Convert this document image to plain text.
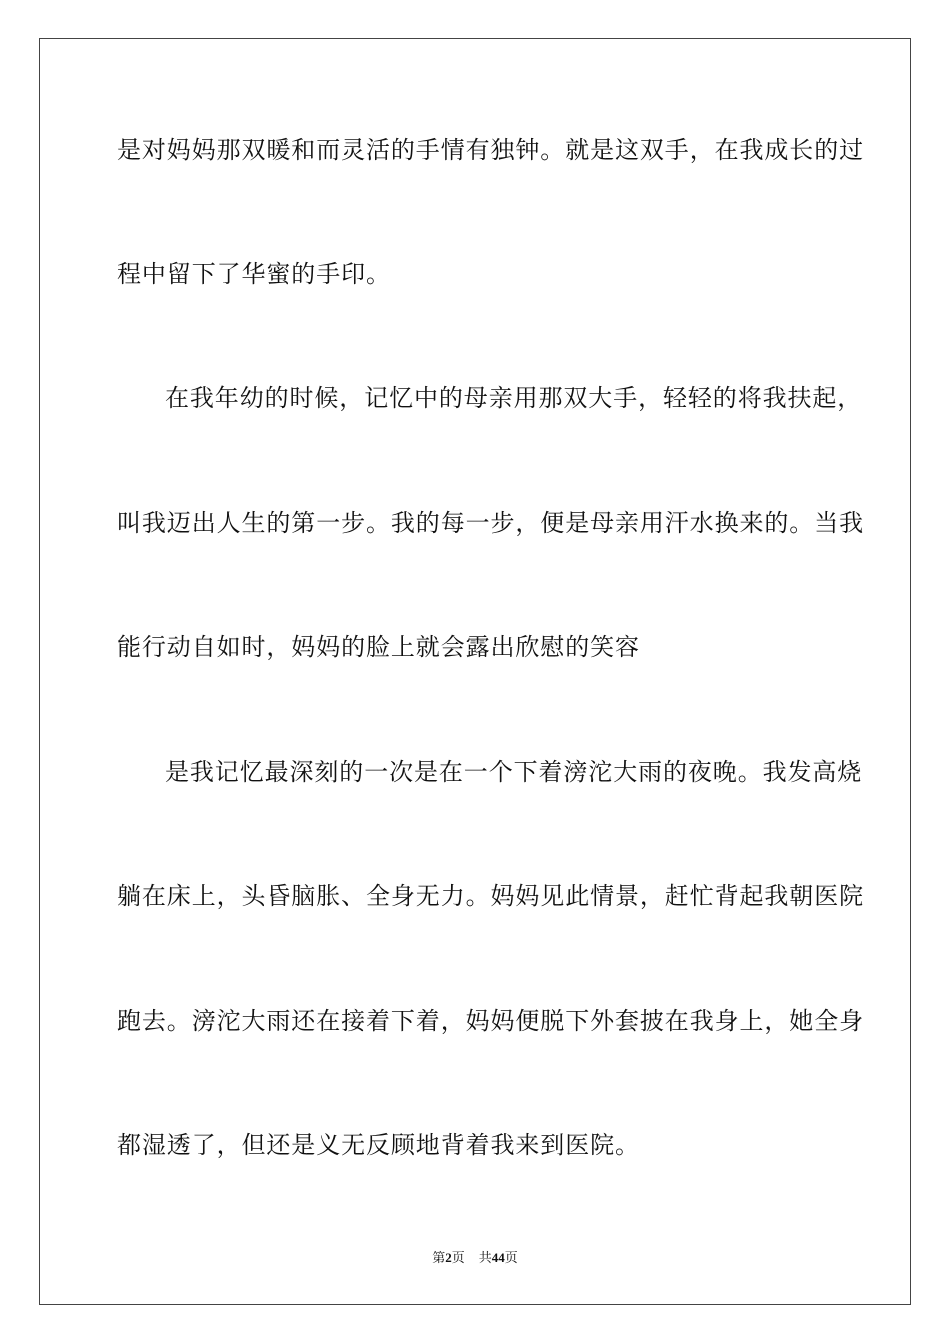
是对妈妈那双暖和而灵活的手情有独钟。就是这双手，在我成长的过
程中留下了华蜜的手印。
在我年幼的时候，记忆中的母亲用那双大手，轻轻的将我扶起，
叫我迈出人生的第一步。我的每一步，便是母亲用汗水换来的。当我
能行动自如时，妈妈的脸上就会露出欣慰的笑容
是我记忆最深刻的一次是在一个下着滂沱大雨的夜晚。我发高烧
躺在床上，头昏脑胀、全身无力。妈妈见此情景，赶忙背起我朝医院
跑去。滂沱大雨还在接着下着，妈妈便脱下外套披在我身上，她全身
都湿透了，但还是义无反顾地背着我来到医院。
第2页 共44页
